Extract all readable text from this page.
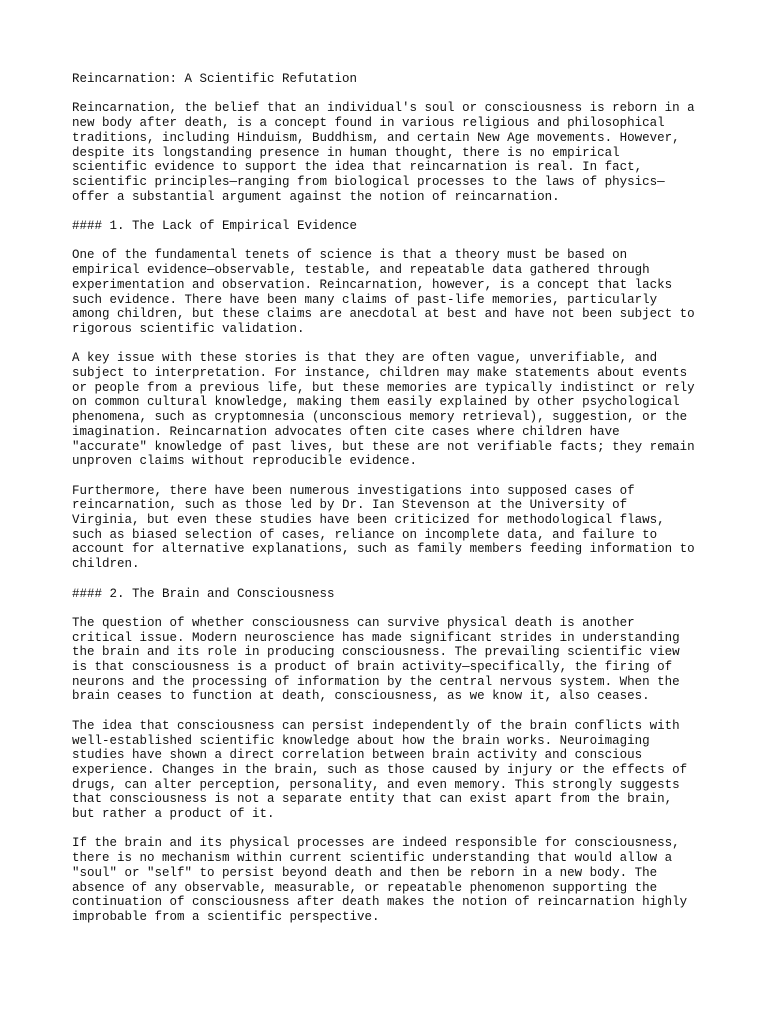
Reincarnation: A Scientific Refutation

Reincarnation, the belief that an individual's soul or consciousness is reborn in a
new body after death, is a concept found in various religious and philosophical
traditions, including Hinduism, Buddhism, and certain New Age movements. However,
despite its longstanding presence in human thought, there is no empirical
scientific evidence to support the idea that reincarnation is real. In fact,
scientific principles—ranging from biological processes to the laws of physics—
offer a substantial argument against the notion of reincarnation.

#### 1. The Lack of Empirical Evidence

One of the fundamental tenets of science is that a theory must be based on
empirical evidence—observable, testable, and repeatable data gathered through
experimentation and observation. Reincarnation, however, is a concept that lacks
such evidence. There have been many claims of past-life memories, particularly
among children, but these claims are anecdotal at best and have not been subject to
rigorous scientific validation.

A key issue with these stories is that they are often vague, unverifiable, and
subject to interpretation. For instance, children may make statements about events
or people from a previous life, but these memories are typically indistinct or rely
on common cultural knowledge, making them easily explained by other psychological
phenomena, such as cryptomnesia (unconscious memory retrieval), suggestion, or the
imagination. Reincarnation advocates often cite cases where children have
"accurate" knowledge of past lives, but these are not verifiable facts; they remain
unproven claims without reproducible evidence.

Furthermore, there have been numerous investigations into supposed cases of
reincarnation, such as those led by Dr. Ian Stevenson at the University of
Virginia, but even these studies have been criticized for methodological flaws,
such as biased selection of cases, reliance on incomplete data, and failure to
account for alternative explanations, such as family members feeding information to
children.

#### 2. The Brain and Consciousness

The question of whether consciousness can survive physical death is another
critical issue. Modern neuroscience has made significant strides in understanding
the brain and its role in producing consciousness. The prevailing scientific view
is that consciousness is a product of brain activity—specifically, the firing of
neurons and the processing of information by the central nervous system. When the
brain ceases to function at death, consciousness, as we know it, also ceases.

The idea that consciousness can persist independently of the brain conflicts with
well-established scientific knowledge about how the brain works. Neuroimaging
studies have shown a direct correlation between brain activity and conscious
experience. Changes in the brain, such as those caused by injury or the effects of
drugs, can alter perception, personality, and even memory. This strongly suggests
that consciousness is not a separate entity that can exist apart from the brain,
but rather a product of it.

If the brain and its physical processes are indeed responsible for consciousness,
there is no mechanism within current scientific understanding that would allow a
"soul" or "self" to persist beyond death and then be reborn in a new body. The
absence of any observable, measurable, or repeatable phenomenon supporting the
continuation of consciousness after death makes the notion of reincarnation highly
improbable from a scientific perspective.
